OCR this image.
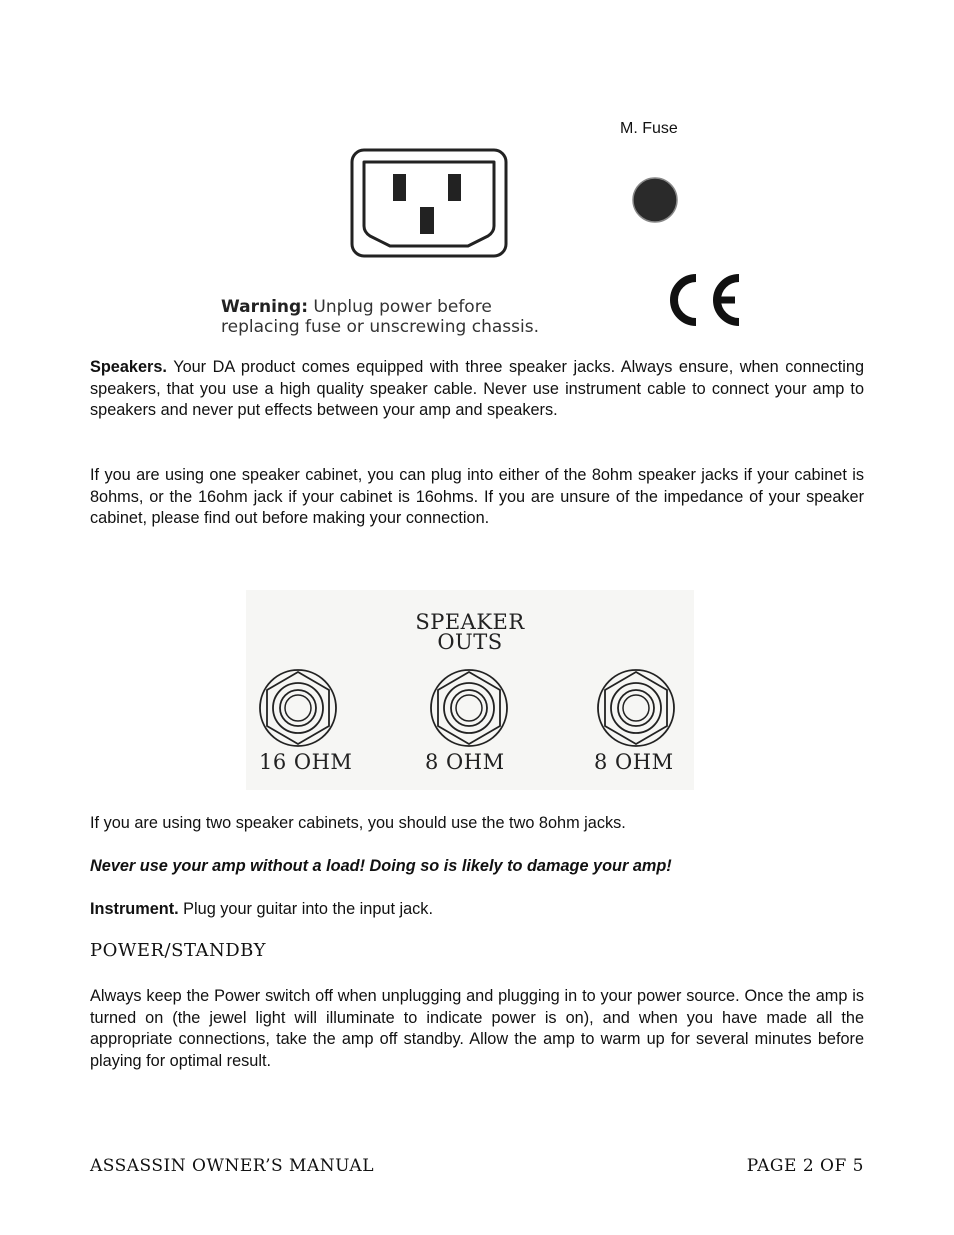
M. Fuse
Warning: Unplug power before
replacing fuse or unscrewing chassis.

Speakers. Your DA product comes equipped with three speaker jacks. Always ensure, when connecting speakers, that you use a high quality speaker cable. Never use instrument cable to connect your amp to speakers and never put effects between your amp and speakers.

If you are using one speaker cabinet, you can plug into either of the 8ohm speaker jacks if your cabinet is 8ohms, or the 16ohm jack if your cabinet is 16ohms. If you are unsure of the impedance of your speaker cabinet, please find out before making your connection.

SPEAKER
OUTS
16 OHM	8 OHM	8 OHM

If you are using two speaker cabinets, you should use the two 8ohm jacks.

Never use your amp without a load! Doing so is likely to damage your amp!

Instrument. Plug your guitar into the input jack.

POWER/STANDBY

Always keep the Power switch off when unplugging and plugging in to your power source. Once the amp is turned on (the jewel light will illuminate to indicate power is on), and when you have made all the appropriate connections, take the amp off standby. Allow the amp to warm up for several minutes before playing for optimal result.

ASSASSIN OWNER’S MANUAL	PAGE 2 OF 5
